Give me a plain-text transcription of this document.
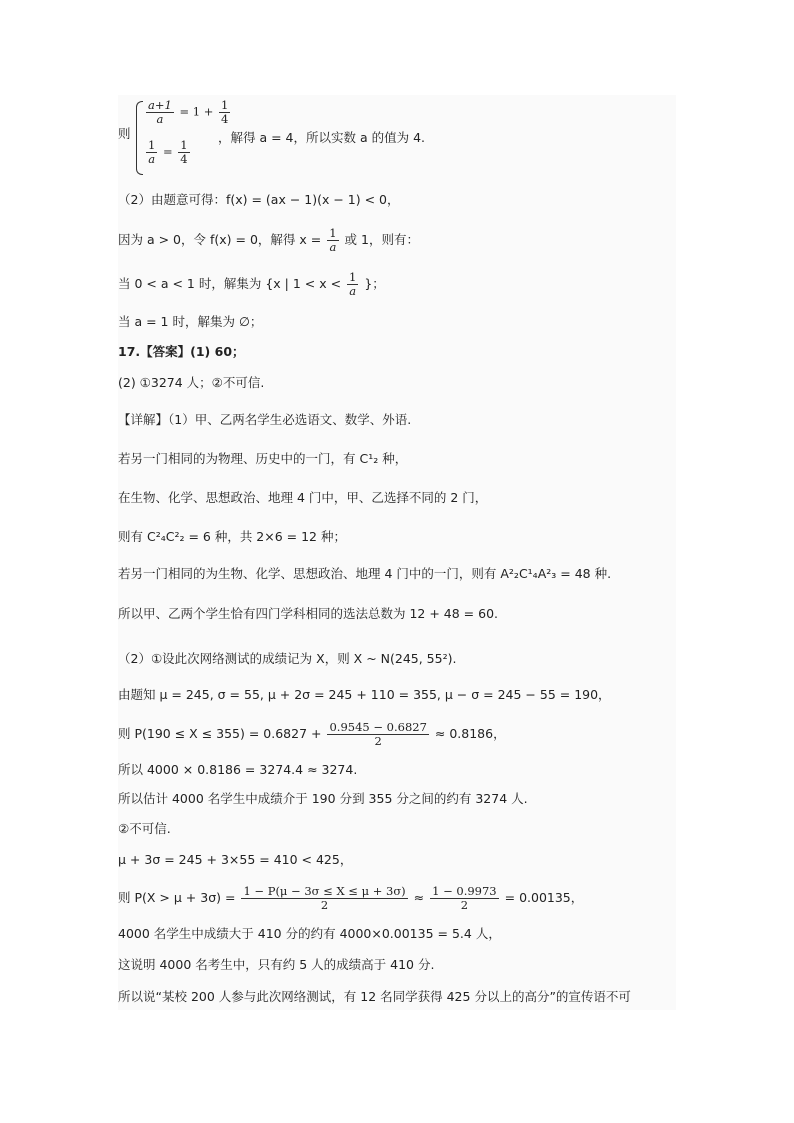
则
$\frac{a+1}{a} = 1 + \frac{1}{4}$
$\frac{1}{a} = \frac{1}{4}$
，解得 a = 4，所以实数 a 的值为 4.
（2）由题意可得：f(x) = (ax − 1)(x − 1) < 0，
因为 a > 0，令 f(x) = 0，解得 $x = \frac{1}{a}$ 或 1，则有：
当 0 < a < 1 时，解集为 {x | $1 < x < \frac{1}{a}$ }；
当 a = 1 时，解集为 ∅；
17.【答案】(1) 60；
(2) ①3274 人；②不可信.
【详解】（1）甲、乙两名学生必选语文、数学、外语.
若另一门相同的为物理、历史中的一门，有 C¹₂ 种，
在生物、化学、思想政治、地理 4 门中，甲、乙选择不同的 2 门，
则有 C²₄C²₂ = 6 种，共 2×6 = 12 种；
若另一门相同的为生物、化学、思想政治、地理 4 门中的一门，则有 A²₂C¹₄A²₃ = 48 种.
所以甲、乙两个学生恰有四门学科相同的选法总数为 12 + 48 = 60.
（2）①设此次网络测试的成绩记为 X，则 X ~ N(245, 55²).
由题知 μ = 245, σ = 55, μ + 2σ = 245 + 110 = 355, μ − σ = 245 − 55 = 190，
则 $P(190 \le X \le 355) = 0.6827 + \frac{0.9545 - 0.6827}{2} \approx 0.8186$，
所以 4000 × 0.8186 = 3274.4 ≈ 3274.
所以估计 4000 名学生中成绩介于 190 分到 355 分之间的约有 3274 人.
②不可信.
μ + 3σ = 245 + 3×55 = 410 < 425，
则 $P(X > \mu + 3\sigma) = \frac{1 - P(\mu - 3\sigma \le X \le \mu + 3\sigma)}{2} \approx \frac{1 - 0.9973}{2} = 0.00135$，
4000 名学生中成绩大于 410 分的约有 4000×0.00135 = 5.4 人，
这说明 4000 名考生中，只有约 5 人的成绩高于 410 分.
所以说“某校 200 人参与此次网络测试，有 12 名同学获得 425 分以上的高分”的宣传语不可
